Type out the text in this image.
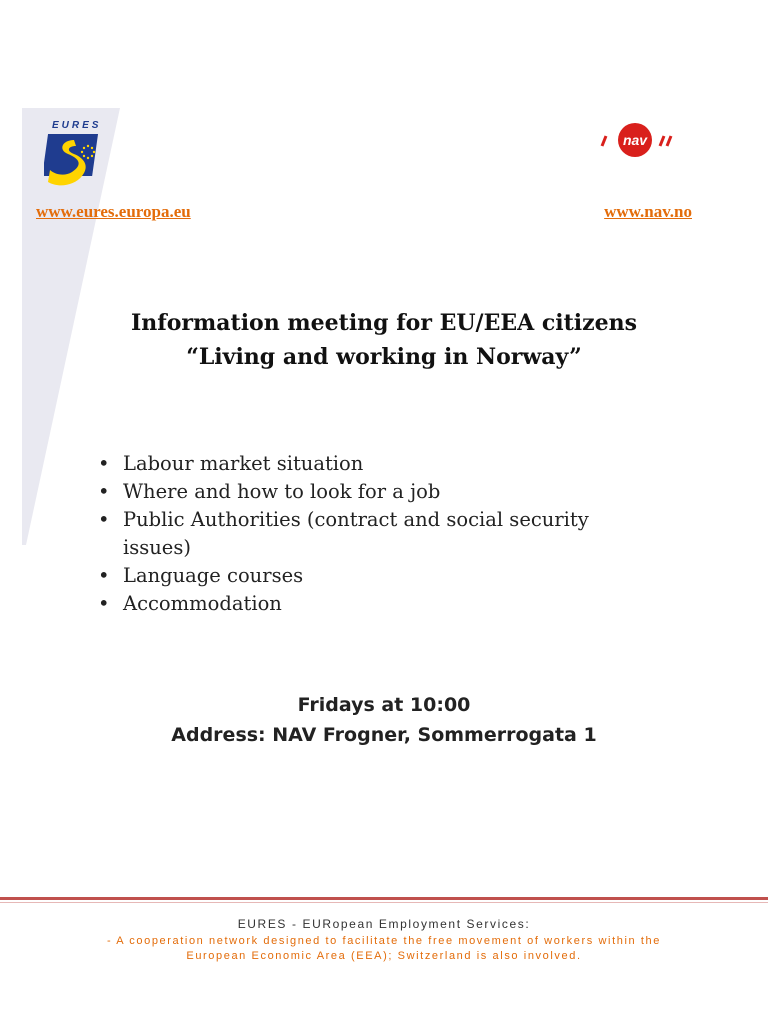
EURES
nav
www.eures.europa.eu	www.nav.no
Information meeting for EU/EEA citizens
“Living and working in Norway”
• Labour market situation
• Where and how to look for a job
• Public Authorities (contract and social security issues)
• Language courses
• Accommodation
Fridays at 10:00
Address: NAV Frogner, Sommerrogata 1
EURES - EURopean Employment Services:
- A cooperation network designed to facilitate the free movement of workers within the
European Economic Area (EEA); Switzerland is also involved.
